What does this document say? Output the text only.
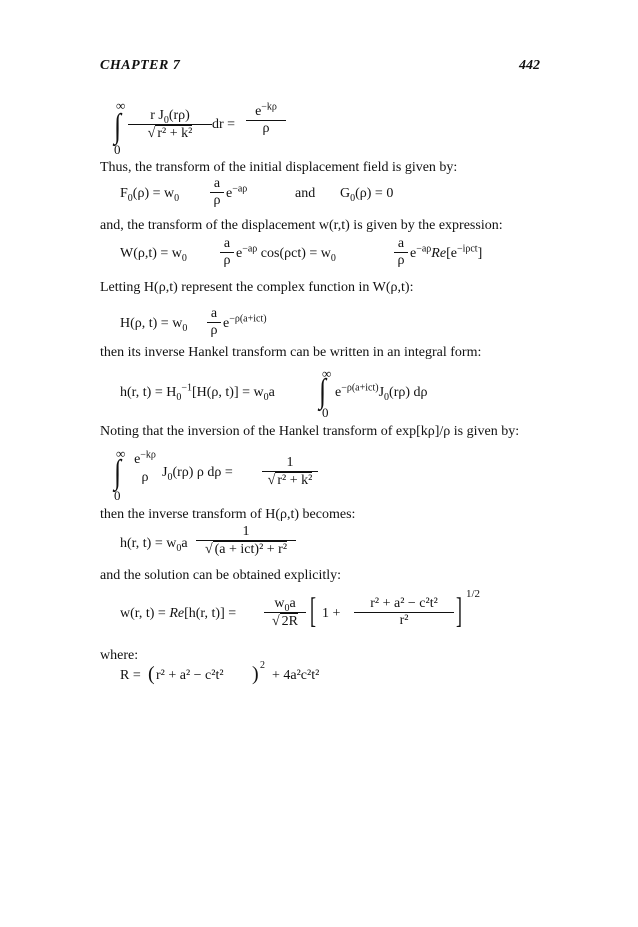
CHAPTER 7	442
∞
∫
0
r $J_0(r\rho)$
√ r² + k²
dr =
$e^{-k\rho}$
ρ
Thus, the transform of the initial displacement field is given by:
$F_0(\rho) = w_0$
a
ρ $e^{-a\rho}$	and $G_0(\rho) = 0$
and, the transform of the displacement w(r,t) is given by the expression:
$W(\rho,t) = w_0$
a
ρ $e^{-a\rho}$ $\cos(\rho ct) = w_0$
a
ρ $e^{-a\rho}Re[e^{-i\rho ct}]$
Letting H(ρ,t) represent the complex function in W(ρ,t):
H(ρ, $t) = w_0$
a
ρ $e^{-\rho(a+ict)}$
then its inverse Hankel transform can be written in an integral form:
h(r, $t) = H_0^{-1}[H(\rho$, $t)] = w_0a$
∞
∫
0
$e^{-\rho(a+ict)}J_0(r\rho)$ dρ
Noting that the inversion of the Hankel transform of exp[kρ]/ρ is given by:
∞
∫
0
$e^{-k\rho}$
ρ $J_0(r\rho)$ ρ dρ =
1
√ r² + k²
then the inverse transform of H(ρ,t) becomes:
h(r, $t) = w_0a$
1
√ (a + ict)² + r²
and the solution can be obtained explicitly:
w(r, t) = Re[h(r, t)] =
$w_0a$
√ 2R [ 1 +
r² + a² − c²t²
r²	] 1/2
where:
R = ( r² + a² − c²t² ) 2
+ 4a²c²t²
